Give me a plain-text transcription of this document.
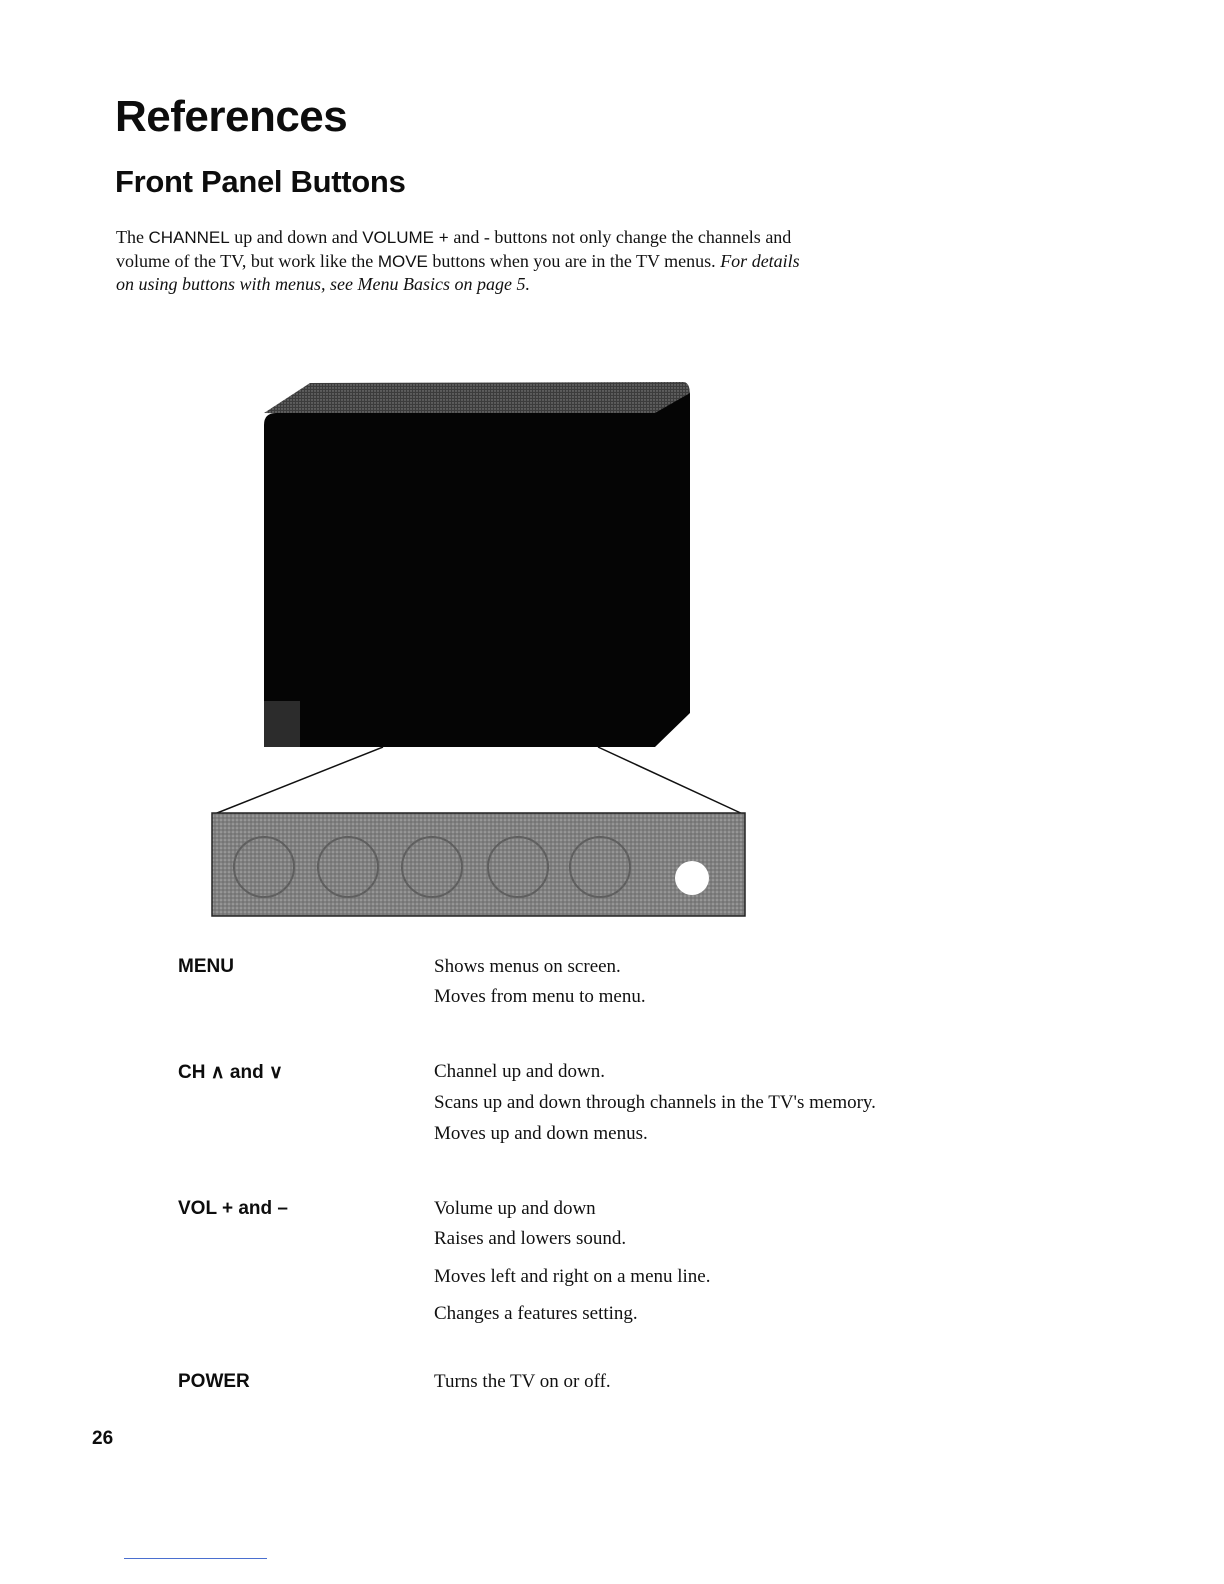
References
Front Panel Buttons

The CHANNEL up and down and VOLUME + and - buttons not only change the channels and volume of the TV, but work like the MOVE buttons when you are in the TV menus. For details on using buttons with menus, see Menu Basics on page 5.

MENU	Shows menus on screen.
Moves from menu to menu.
CH ∧ and ∨	Channel up and down.
Scans up and down through channels in the TV's memory.
Moves up and down menus.
VOL + and –	Volume up and down
Raises and lowers sound.
Moves left and right on a menu line.
Changes a features setting.
POWER	Turns the TV on or off.
26
